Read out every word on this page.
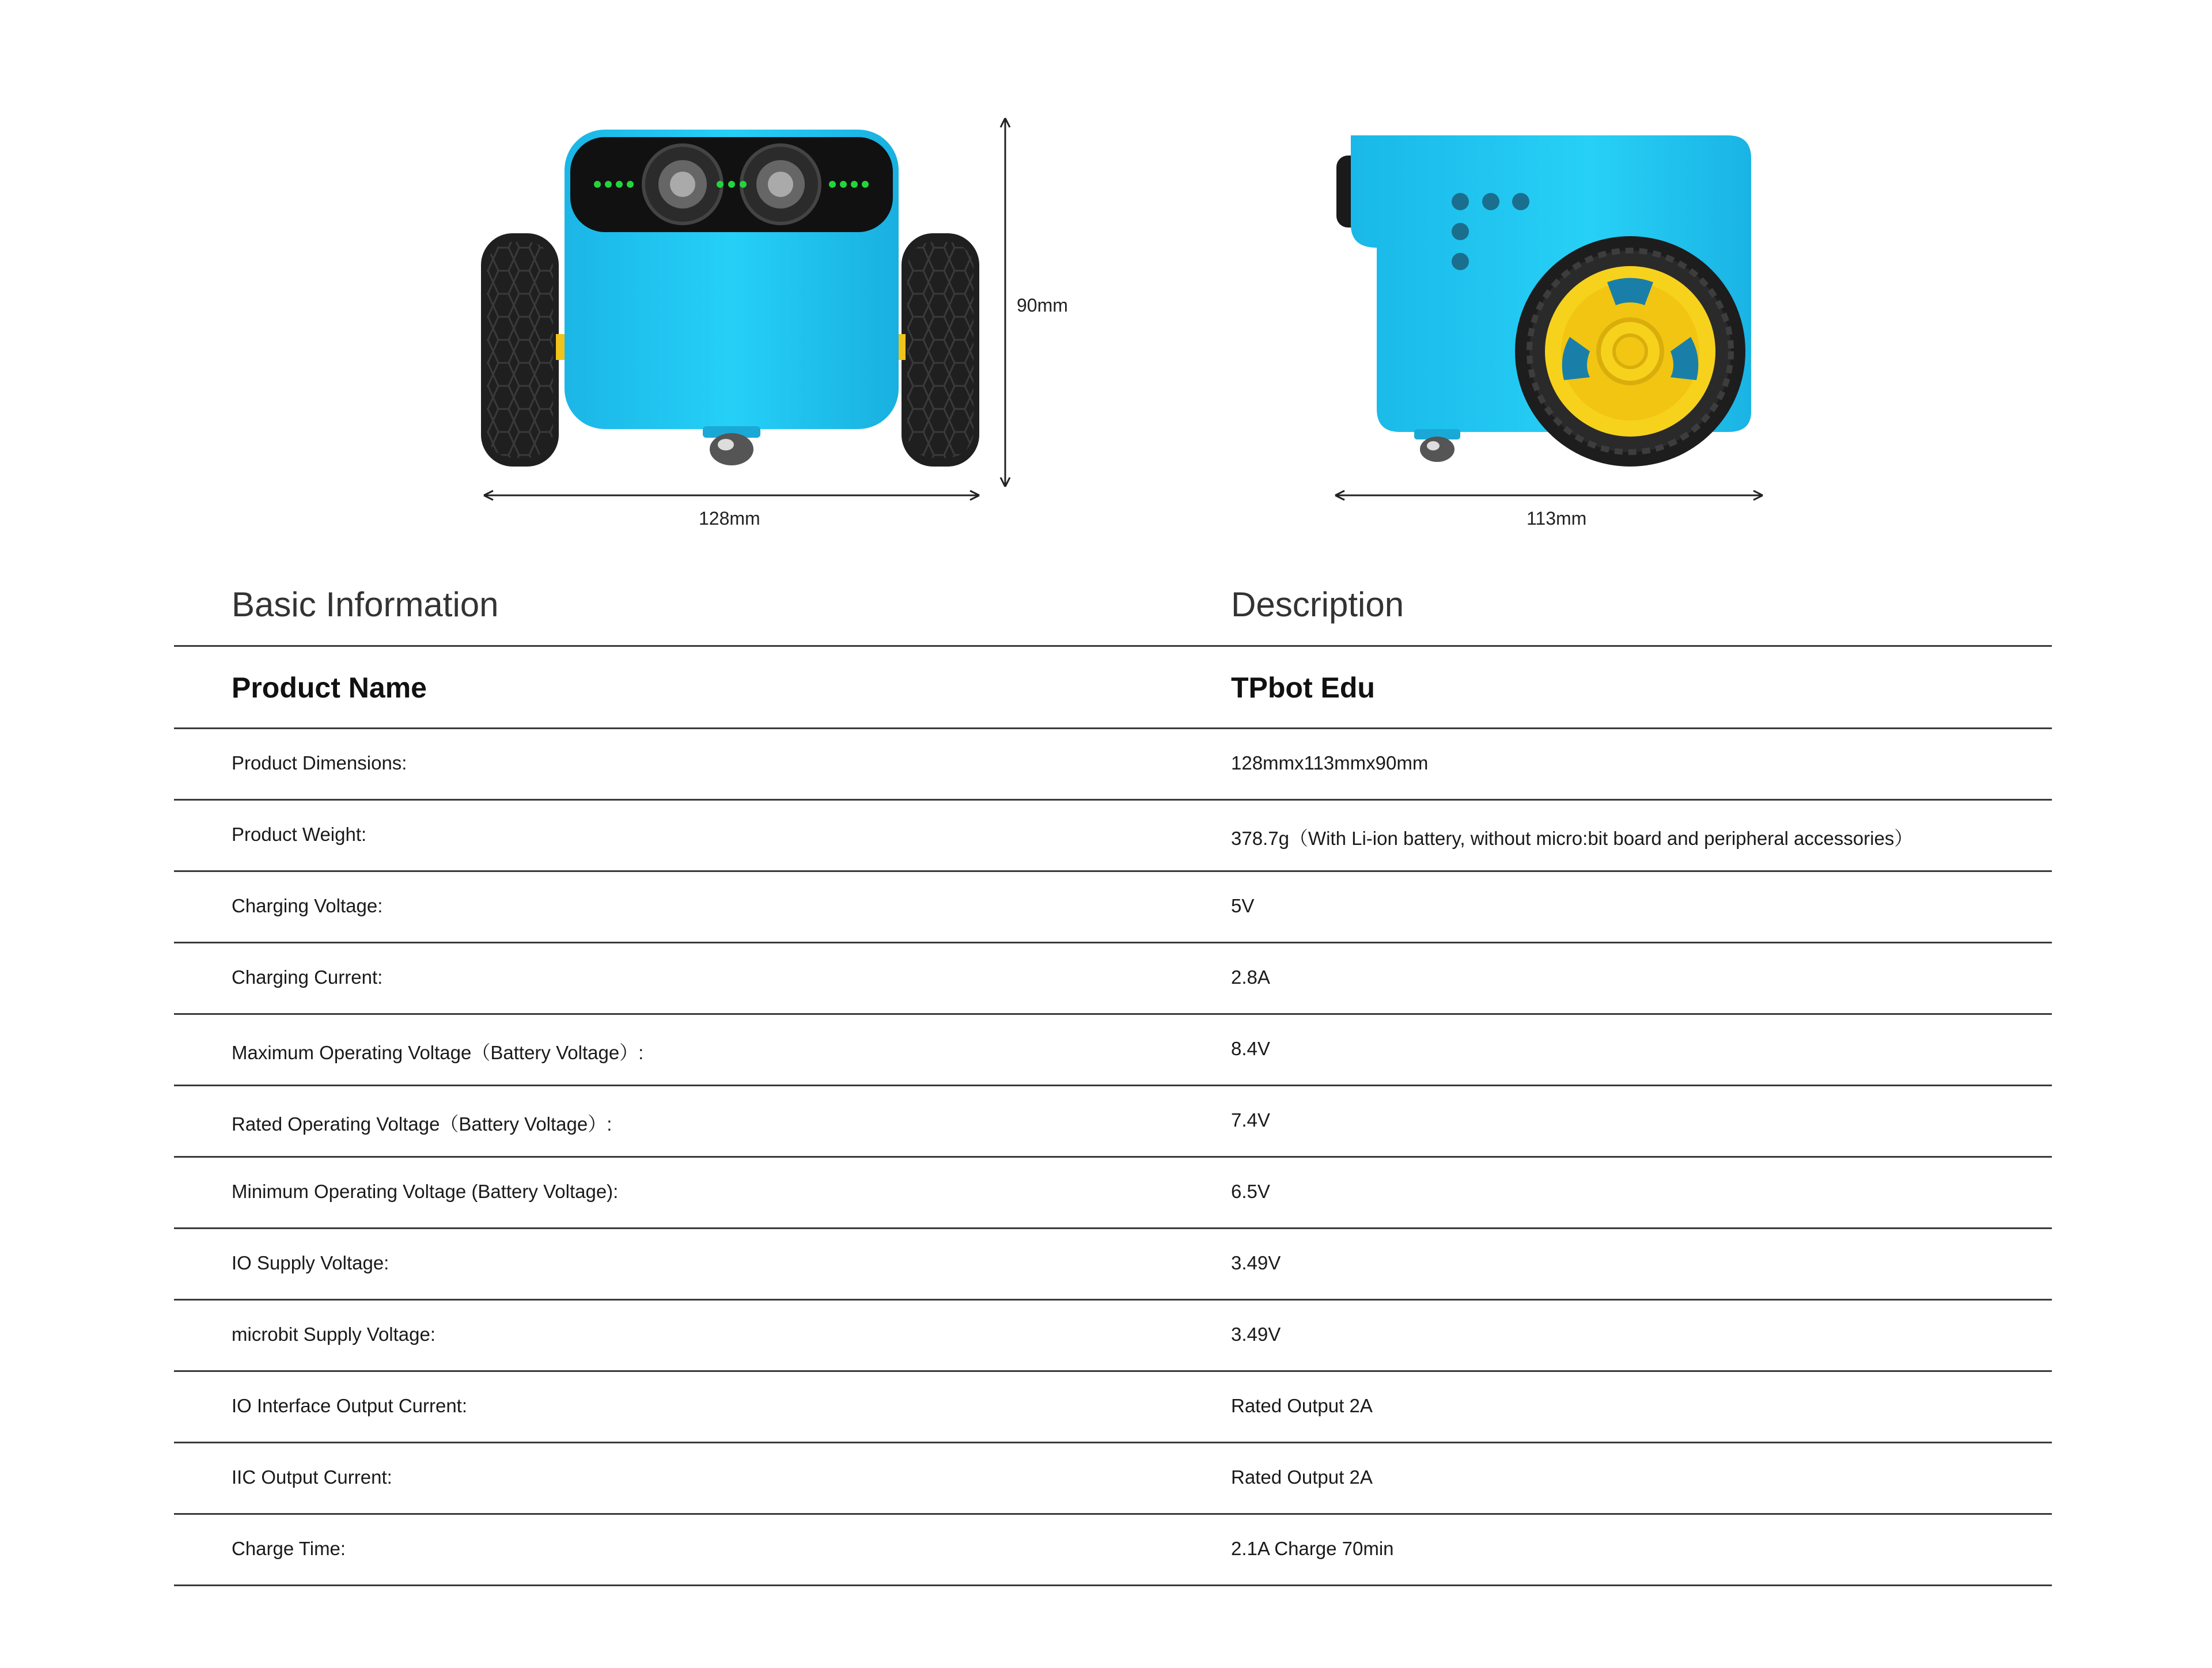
128mm
90mm
113mm
Basic Information	Description
Product Name	TPbot Edu
Product Dimensions:	128mmx113mmx90mm
Product Weight:	378.7g（With Li-ion battery, without micro:bit board and peripheral accessories）
Charging Voltage:	5V
Charging Current:	2.8A
Maximum Operating Voltage（Battery Voltage）:	8.4V
Rated Operating Voltage（Battery Voltage）:	7.4V
Minimum Operating Voltage (Battery Voltage):	6.5V
IO Supply Voltage:	3.49V
microbit Supply Voltage:	3.49V
IO Interface Output Current:	Rated Output 2A
IIC Output Current:	Rated Output 2A
Charge Time:	2.1A Charge 70min
